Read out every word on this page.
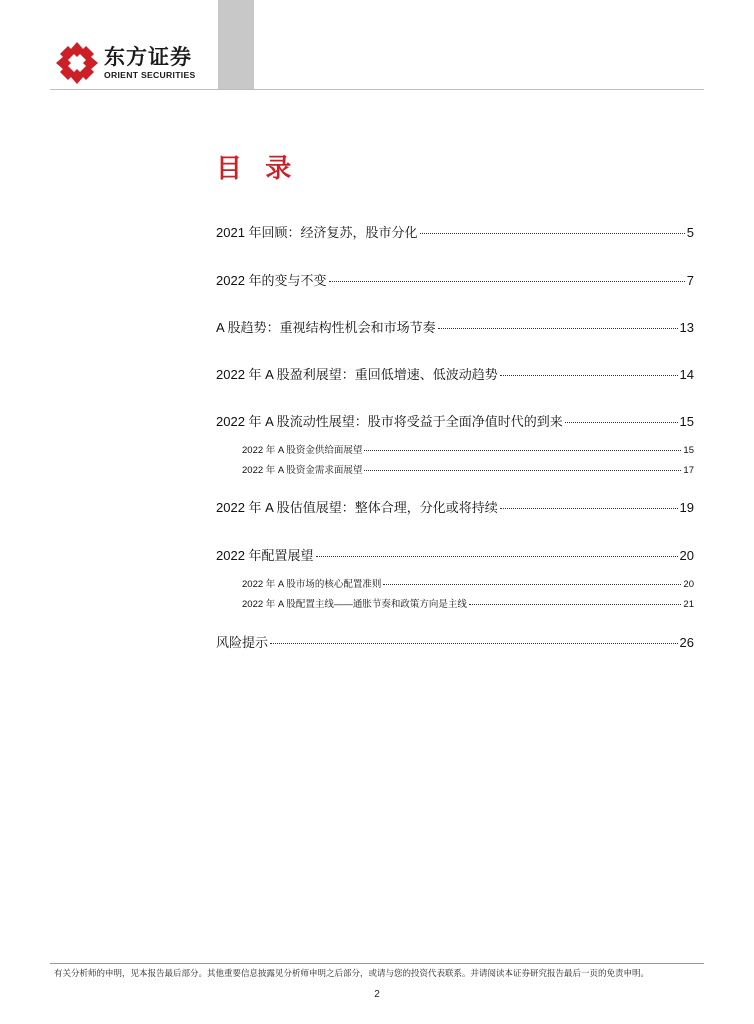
东方证券
ORIENT SECURITIES
目 录
2021 年回顾：经济复苏，股市分化	5
2022 年的变与不变	7
A 股趋势：重视结构性机会和市场节奏	13
2022 年 A 股盈利展望：重回低增速、低波动趋势	14
2022 年 A 股流动性展望：股市将受益于全面净值时代的到来	15
2022 年 A 股资金供给面展望	15
2022 年 A 股资金需求面展望	17
2022 年 A 股估值展望：整体合理，分化或将持续	19
2022 年配置展望	20
2022 年 A 股市场的核心配置准则	20
2022 年 A 股配置主线——通胀节奏和政策方向是主线	21
风险提示	26
有关分析师的申明，见本报告最后部分。其他重要信息披露见分析师申明之后部分，或请与您的投资代表联系。并请阅读本证券研究报告最后一页的免责申明。
2
